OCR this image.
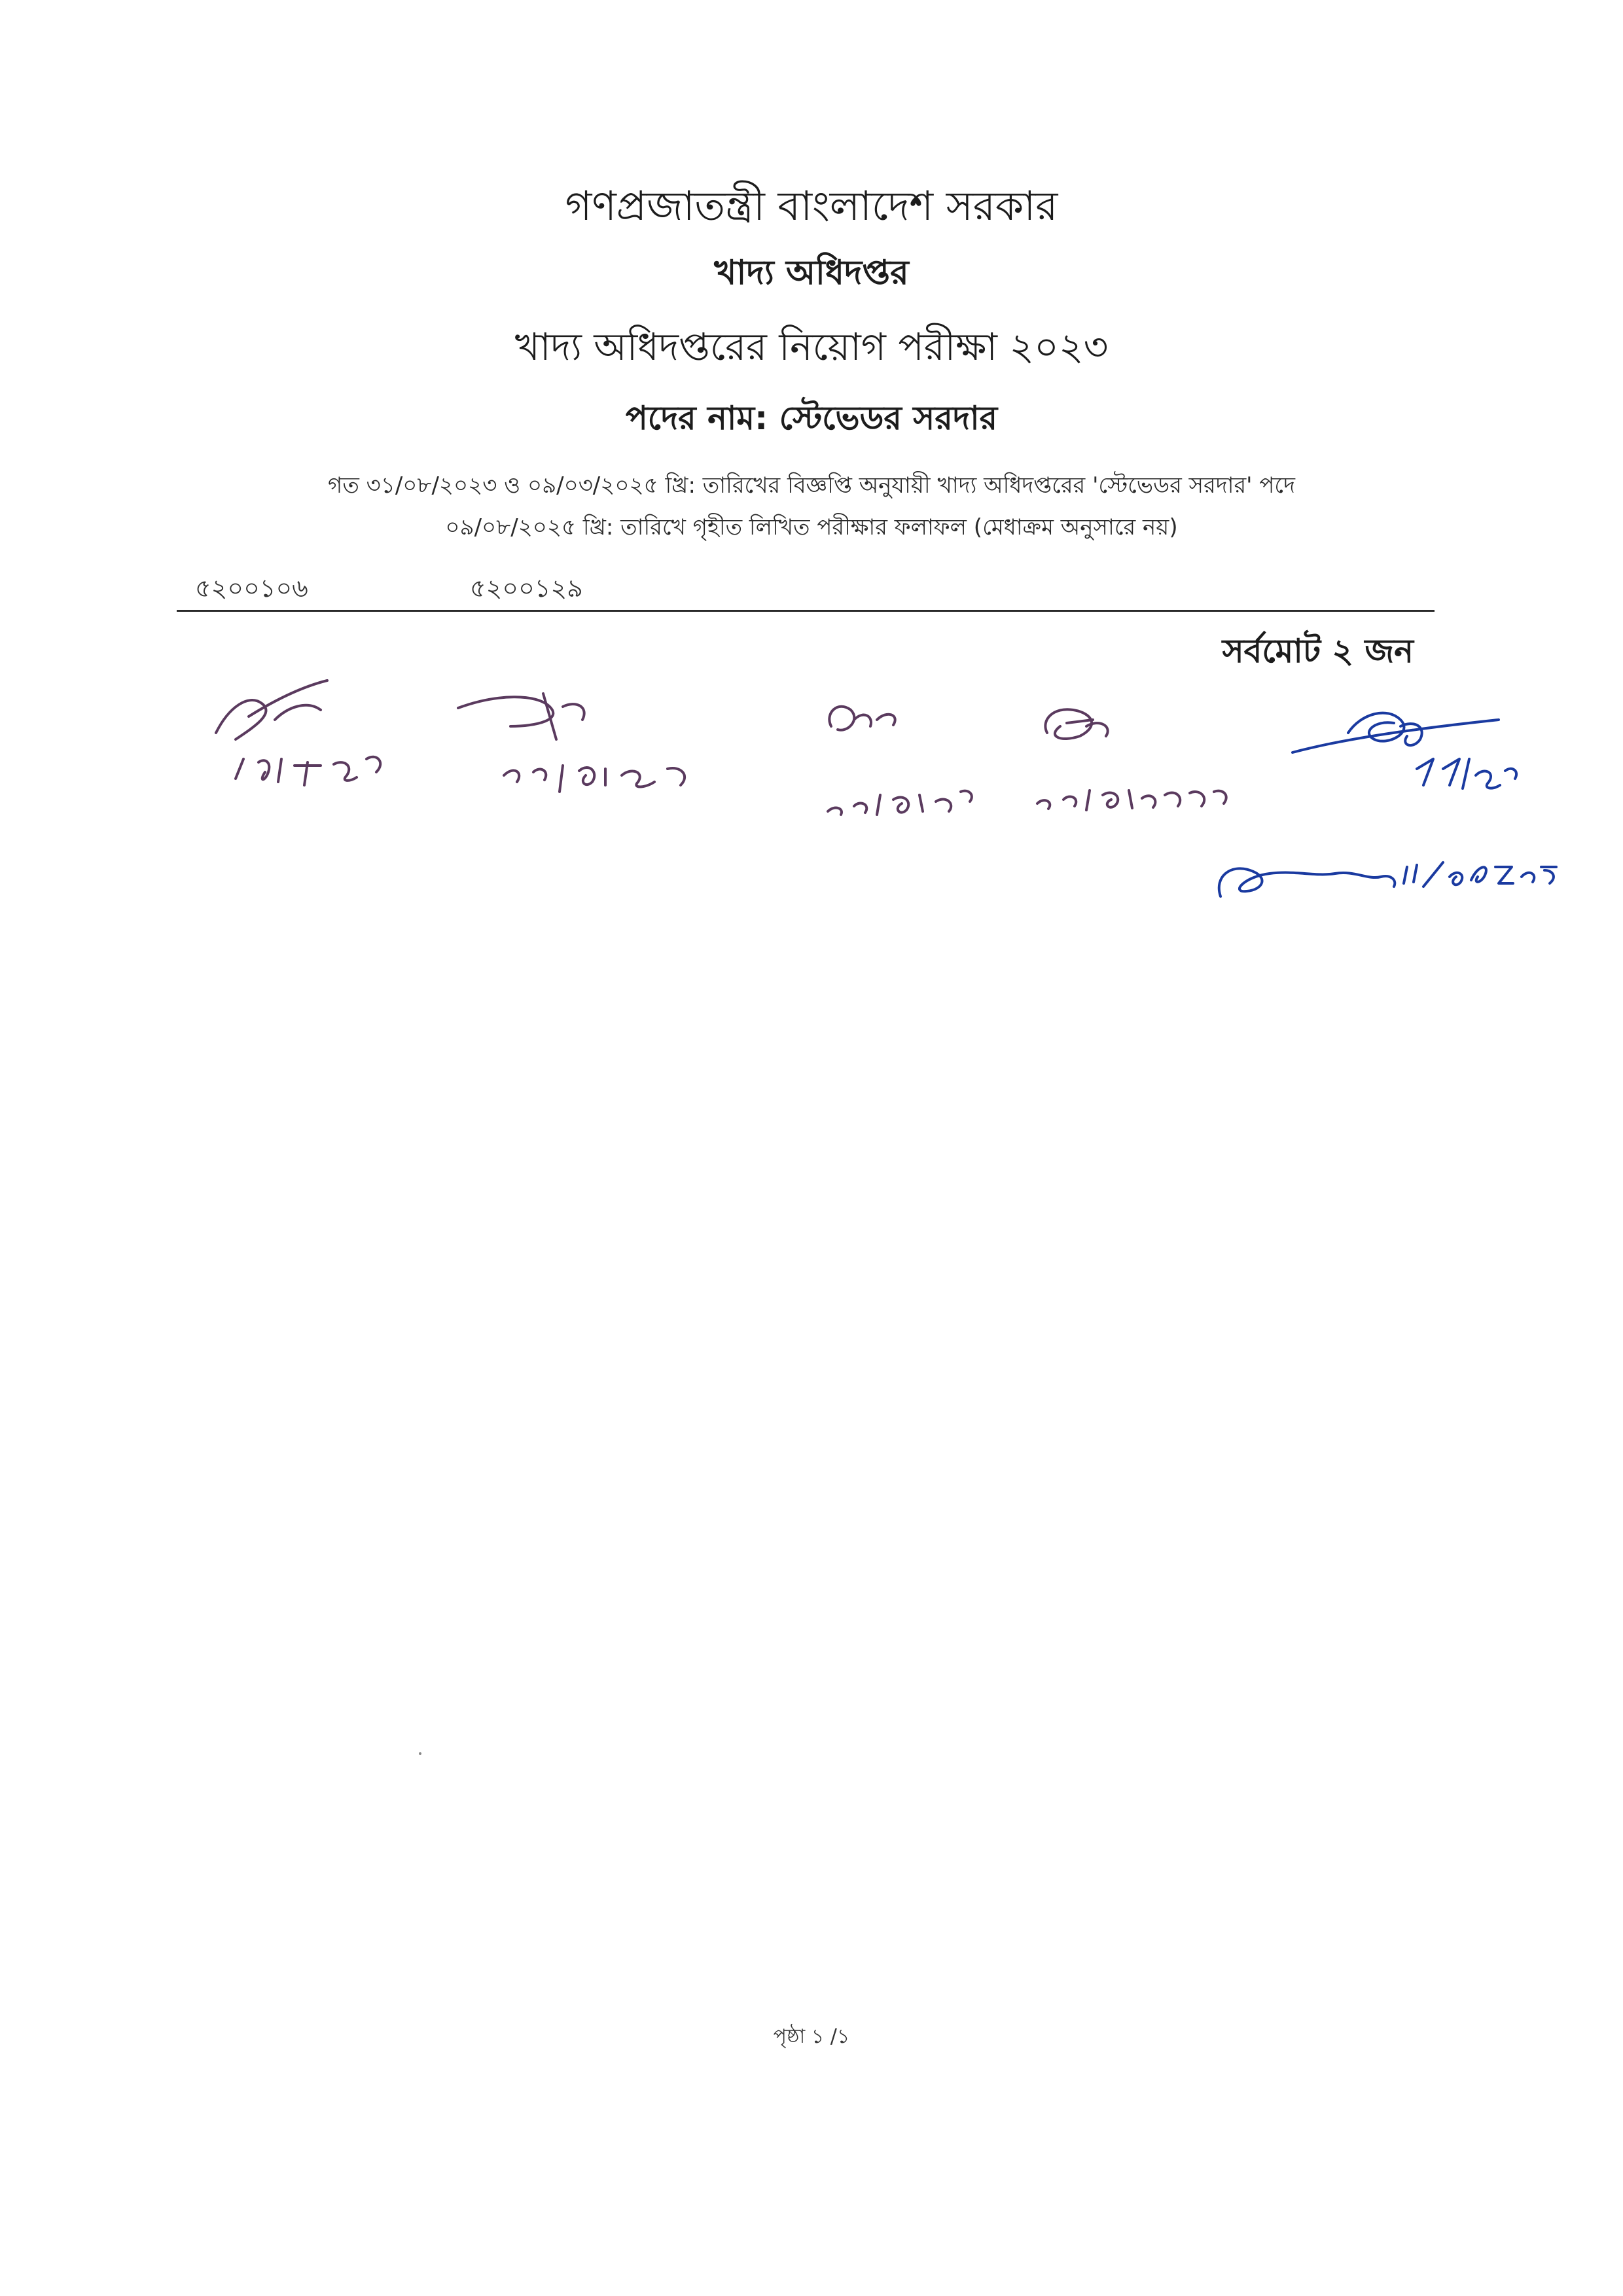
গণপ্রজাতন্ত্রী বাংলাদেশ সরকার
খাদ্য অধিদপ্তর
খাদ্য অধিদপ্তরের নিয়োগ পরীক্ষা ২০২৩
পদের নাম: স্টেভেডর সরদার
গত ৩১/০৮/২০২৩ ও ০৯/০৩/২০২৫ খ্রি: তারিখের বিজ্ঞপ্তি অনুযায়ী খাদ্য অধিদপ্তরের 'স্টেভেডর সরদার' পদে
০৯/০৮/২০২৫ খ্রি: তারিখে গৃহীত লিখিত পরীক্ষার ফলাফল (মেধাক্রম অনুসারে নয়)
৫২০০১০৬	৫২০০১২৯
সর্বমোট ২ জন
পৃষ্ঠা ১ /১
